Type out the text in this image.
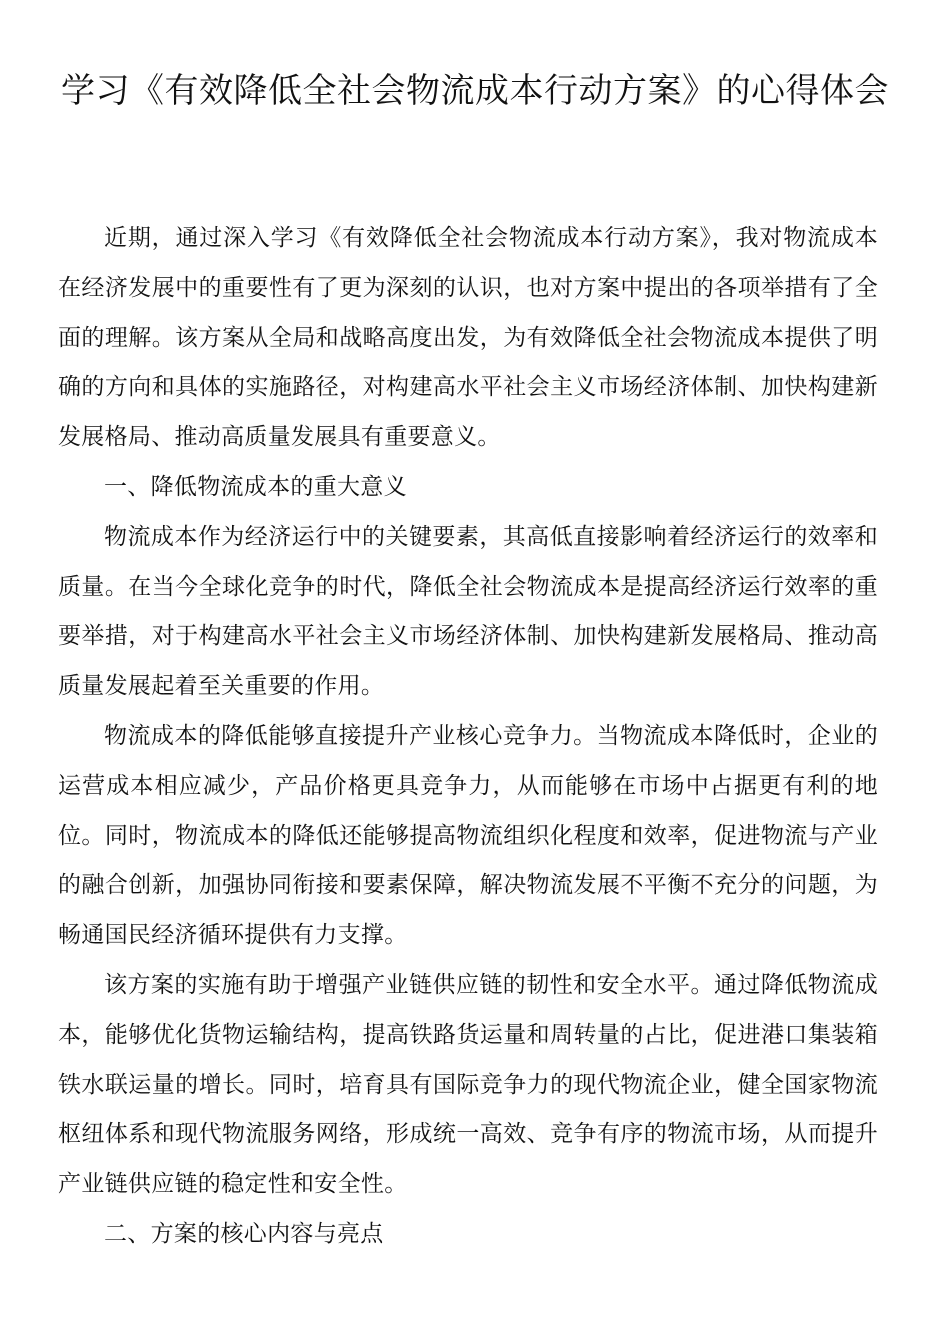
学习《有效降低全社会物流成本行动方案》的心得体会

近期，通过深入学习《有效降低全社会物流成本行动方案》，我对物流成本在经济发展中的重要性有了更为深刻的认识，也对方案中提出的各项举措有了全面的理解。该方案从全局和战略高度出发，为有效降低全社会物流成本提供了明确的方向和具体的实施路径，对构建高水平社会主义市场经济体制、加快构建新发展格局、推动高质量发展具有重要意义。

一、降低物流成本的重大意义

物流成本作为经济运行中的关键要素，其高低直接影响着经济运行的效率和质量。在当今全球化竞争的时代，降低全社会物流成本是提高经济运行效率的重要举措，对于构建高水平社会主义市场经济体制、加快构建新发展格局、推动高质量发展起着至关重要的作用。

物流成本的降低能够直接提升产业核心竞争力。当物流成本降低时，企业的运营成本相应减少，产品价格更具竞争力，从而能够在市场中占据更有利的地位。同时，物流成本的降低还能够提高物流组织化程度和效率，促进物流与产业的融合创新，加强协同衔接和要素保障，解决物流发展不平衡不充分的问题，为畅通国民经济循环提供有力支撑。

该方案的实施有助于增强产业链供应链的韧性和安全水平。通过降低物流成本，能够优化货物运输结构，提高铁路货运量和周转量的占比，促进港口集装箱铁水联运量的增长。同时，培育具有国际竞争力的现代物流企业，健全国家物流枢纽体系和现代物流服务网络，形成统一高效、竞争有序的物流市场，从而提升产业链供应链的稳定性和安全性。

二、方案的核心内容与亮点
